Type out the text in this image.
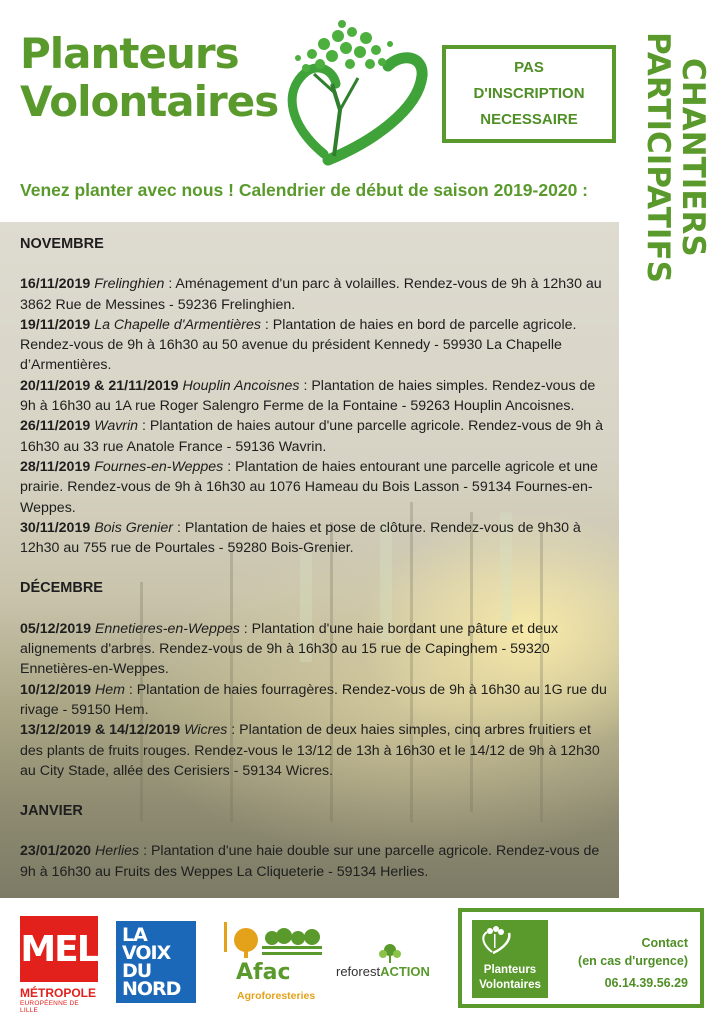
Planteurs
Volontaires
PAS
D'INSCRIPTION
NECESSAIRE	CHANTIERS
PARTICIPATIFS
Venez planter avec nous ! Calendrier de début de saison 2019-2020 :
NOVEMBRE
16/11/2019 Frelinghien : Aménagement d'un parc à volailles. Rendez-vous de 9h à 12h30 au 3862 Rue de Messines - 59236 Frelinghien.
19/11/2019 La Chapelle d'Armentières : Plantation de haies en bord de parcelle agricole. Rendez-vous de 9h à 16h30 au 50 avenue du président Kennedy - 59930 La Chapelle d’Armentières.
20/11/2019 & 21/11/2019 Houplin Ancoisnes : Plantation de haies simples. Rendez-vous de 9h à 16h30 au 1A rue Roger Salengro Ferme de la Fontaine - 59263 Houplin Ancoisnes.
26/11/2019 Wavrin : Plantation de haies autour d'une parcelle agricole. Rendez-vous de 9h à 16h30 au 33 rue Anatole France - 59136 Wavrin.
28/11/2019 Fournes-en-Weppes : Plantation de haies entourant une parcelle agricole et une prairie. Rendez-vous de 9h à 16h30 au 1076 Hameau du Bois Lasson - 59134 Fournes-en-Weppes.
30/11/2019 Bois Grenier : Plantation de haies et pose de clôture. Rendez-vous de 9h30 à 12h30 au 755 rue de Pourtales - 59280 Bois-Grenier.
DÉCEMBRE
05/12/2019 Ennetieres-en-Weppes : Plantation d'une haie bordant une pâture et deux alignements d'arbres. Rendez-vous de 9h à 16h30 au 15 rue de Capinghem - 59320 Ennetières-en-Weppes.
10/12/2019 Hem : Plantation de haies fourragères. Rendez-vous de 9h à 16h30 au 1G rue du rivage - 59150 Hem.
13/12/2019 & 14/12/2019 Wicres : Plantation de deux haies simples, cinq arbres fruitiers et des plants de fruits rouges. Rendez-vous le 13/12 de 13h à 16h30 et le 14/12 de 9h à 12h30 au City Stade, allée des Cerisiers - 59134 Wicres.
JANVIER
23/01/2020 Herlies : Plantation d'une haie double sur une parcelle agricole. Rendez-vous de 9h à 16h30 au Fruits des Weppes La Cliqueterie - 59134 Herlies.
MEL
MÉTROPOLE
EUROPÉENNE DE LILLE
LA
VOIX
DU
NORD
Afac
Agroforesteries
reforestACTION	Planteurs
Volontaires
Contact
(en cas d'urgence)
06.14.39.56.29
